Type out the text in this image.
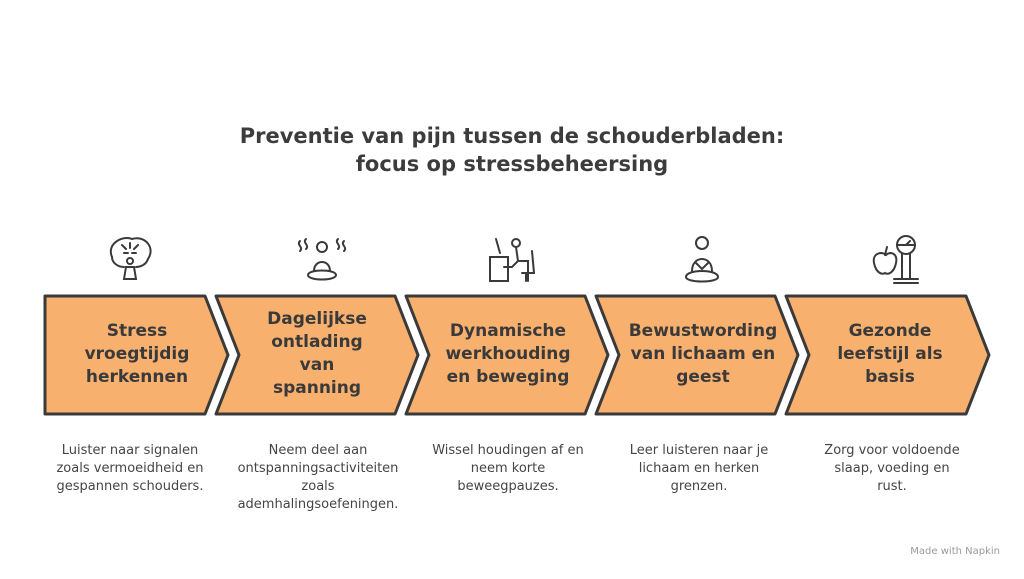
Preventie van pijn tussen de schouderbladen:
focus op stressbeheersing
Stress
vroegtijdig
herkennen
Dagelijkse
ontlading
van
spanning
Dynamische
werkhouding
en beweging
Bewustwording
van lichaam en
geest
Gezonde
leefstijl als
basis
Luister naar signalen zoals vermoeidheid en gespannen schouders.
Neem deel aan ontspanningsactiviteiten zoals ademhalingsoefeningen.
Wissel houdingen af en neem korte beweegpauzes.
Leer luisteren naar je lichaam en herken grenzen.
Zorg voor voldoende slaap, voeding en rust.
Made with Napkin
